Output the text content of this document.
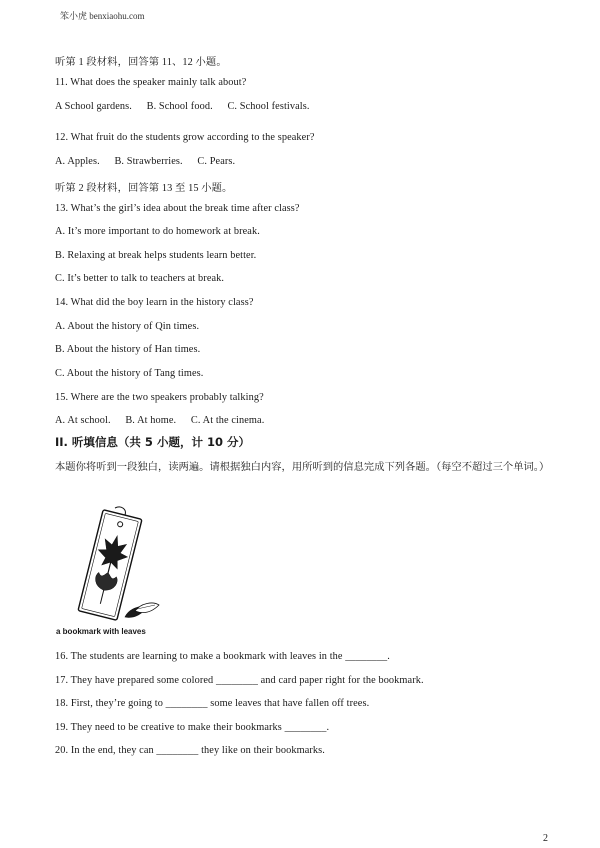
笨小虎 benxiaohu.com
听第 1 段材料，回答第 11、12 小题。
11. What does the speaker mainly talk about?
A School gardens. B. School food. C. School festivals.
12. What fruit do the students grow according to the speaker?
A. Apples. B. Strawberries. C. Pears.
听第 2 段材料，回答第 13 至 15 小题。
13. What’s the girl’s idea about the break time after class?
A. It’s more important to do homework at break.
B. Relaxing at break helps students learn better.
C. It’s better to talk to teachers at break.
14. What did the boy learn in the history class?
A. About the history of Qin times.
B. About the history of Han times.
C. About the history of Tang times.
15. Where are the two speakers probably talking?
A. At school. B. At home. C. At the cinema.
II. 听填信息（共 5 小题，计 10 分）
本题你将听到一段独白，读两遍。请根据独白内容，用所听到的信息完成下列各题。（每空不超过三个单词。）
a bookmark with leaves
16. The students are learning to make a bookmark with leaves in the ________.
17. They have prepared some colored ________ and card paper right for the bookmark.
18. First, they’re going to ________ some leaves that have fallen off trees.
19. They need to be creative to make their bookmarks ________.
20. In the end, they can ________ they like on their bookmarks.
2
